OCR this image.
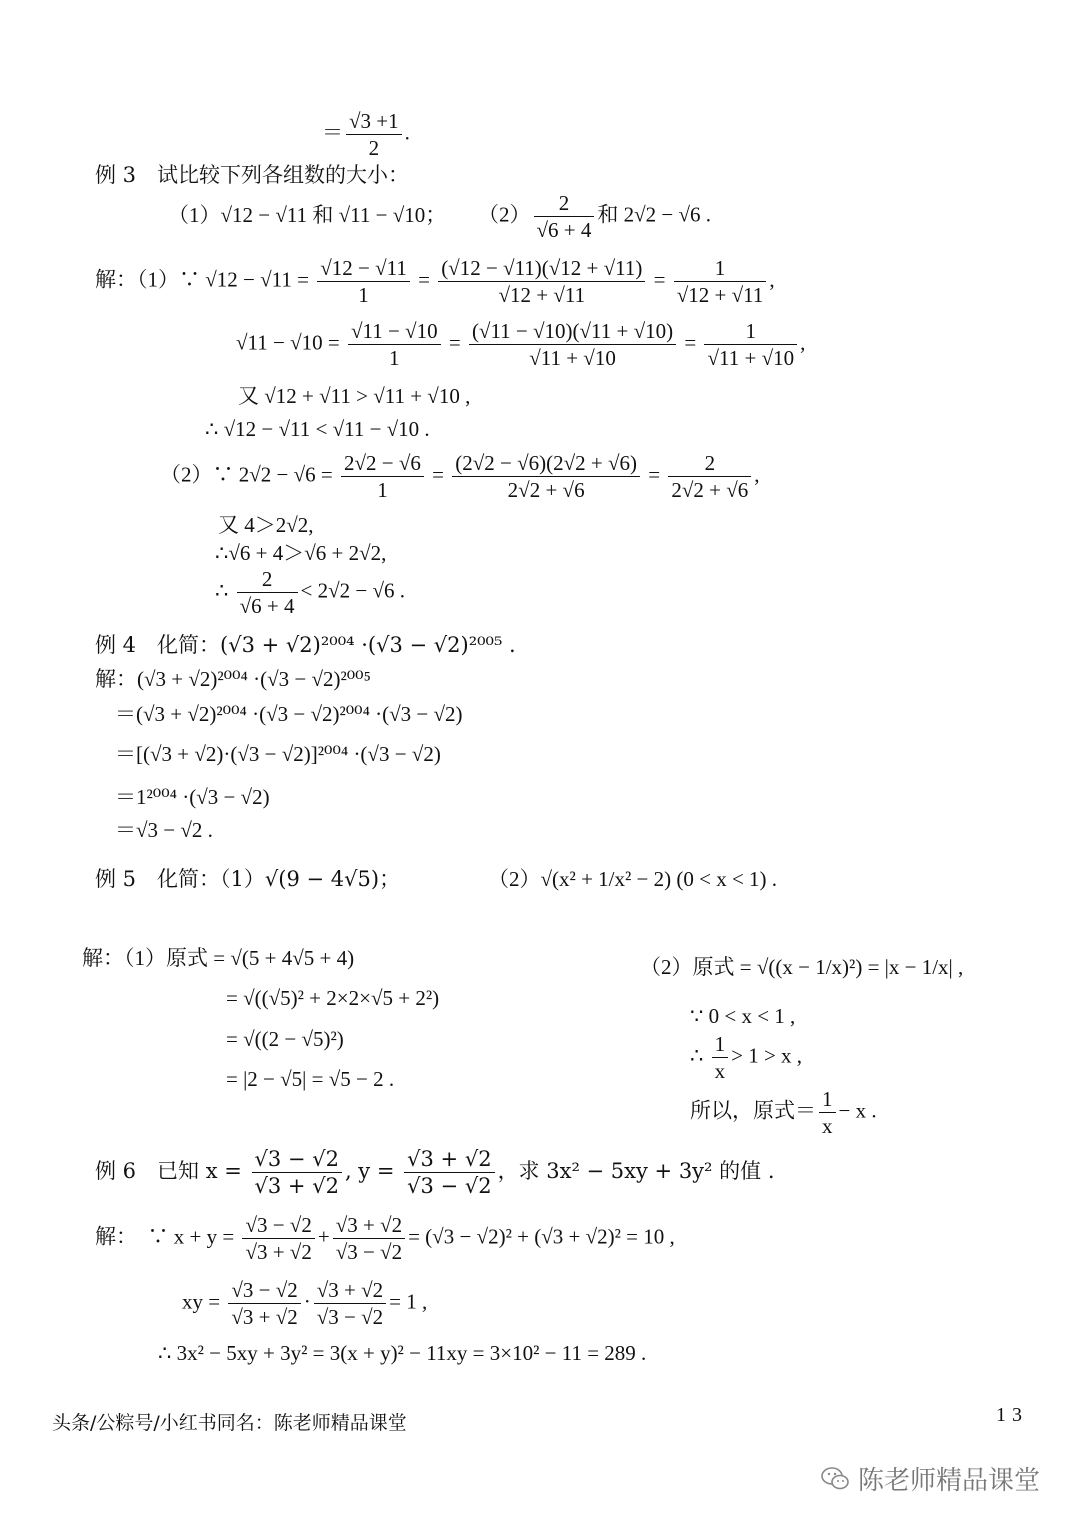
＝ $\frac{√3 +1}{2}$ .
例 3　试比较下列各组数的大小：
（1）√12 − √11 和 √11 − √10； $(2) \frac{2}{√6 + 4}$ 和 2√2 − √6 .
解：（1）∵ $√12 - √11 = \frac{√12 - √11}{1} = \frac{(√12 - √11)(√12 + √11)}{√12 + √11} = \frac{1}{√12 + √11}$ ,
$√11 - √10 = \frac{√11 - √10}{1} = \frac{(√11 - √10)(√11 + √10)}{√11 + √10} = \frac{1}{√11 + √10}$ ,
又 √12 + √11 > √11 + √10 ,
∴ √12 − √11 < √11 − √10 .
（2）∵ $2√2 - √6 = \frac{2√2 - √6}{1} = \frac{(2√2 - √6)(2√2 + √6)}{2√2 + √6} = \frac{2}{2√2 + √6}$ ,
又 4＞2√2,
∴√6 + 4＞√6 + 2√2,
∴ $\frac{2}{√6 + 4} < 2√2 - √6$ .
例 4　化简：(√3 + √2)²⁰⁰⁴ ·(√3 − √2)²⁰⁰⁵ .
解：(√3 + √2)²⁰⁰⁴ ·(√3 − √2)²⁰⁰⁵
＝(√3 + √2)²⁰⁰⁴ ·(√3 − √2)²⁰⁰⁴ ·(√3 − √2)
＝[(√3 + √2)·(√3 − √2)]²⁰⁰⁴ ·(√3 − √2)
＝1²⁰⁰⁴ ·(√3 − √2)
＝√3 − √2 .
例 5　化简：（1）√(9 − 4√5)；	（2）√(x² + 1/x² − 2) (0 < x < 1) .
解：（1）原式 = √(5 + 4√5 + 4)
= √((√5)² + 2×2×√5 + 2²)
= √((2 − √5)²)
= |2 − √5| = √5 − 2 .
（2）原式 = √((x − 1/x)²) = |x − 1/x| ,
∵ 0 < x < 1 ,
∴ $\frac{1}{x} > 1 > x$ ,
所以，原式＝ $\frac{1}{x} - x$ .
例 6　已知 $x = \frac{√3 - √2}{√3 + √2}$ , $y = \frac{√3 + √2}{√3 - √2}$ ，求 3x² − 5xy + 3y² 的值 .
解：　∵ $x + y = \frac{√3 - √2}{√3 + √2} + \frac{√3 + √2}{√3 - √2} = (√3 - √2)^2 + (√3 + √2)^2 = 10$ ,
xy = $\frac{√3 - √2}{√3 + √2} \cdot \frac{√3 + √2}{√3 - √2} = 1$ ,
∴ 3x² − 5xy + 3y² = 3(x + y)² − 11xy = 3×10² − 11 = 289 .
头条/公粽号/小红书同名：陈老师精品课堂	13
陈老师精品课堂
